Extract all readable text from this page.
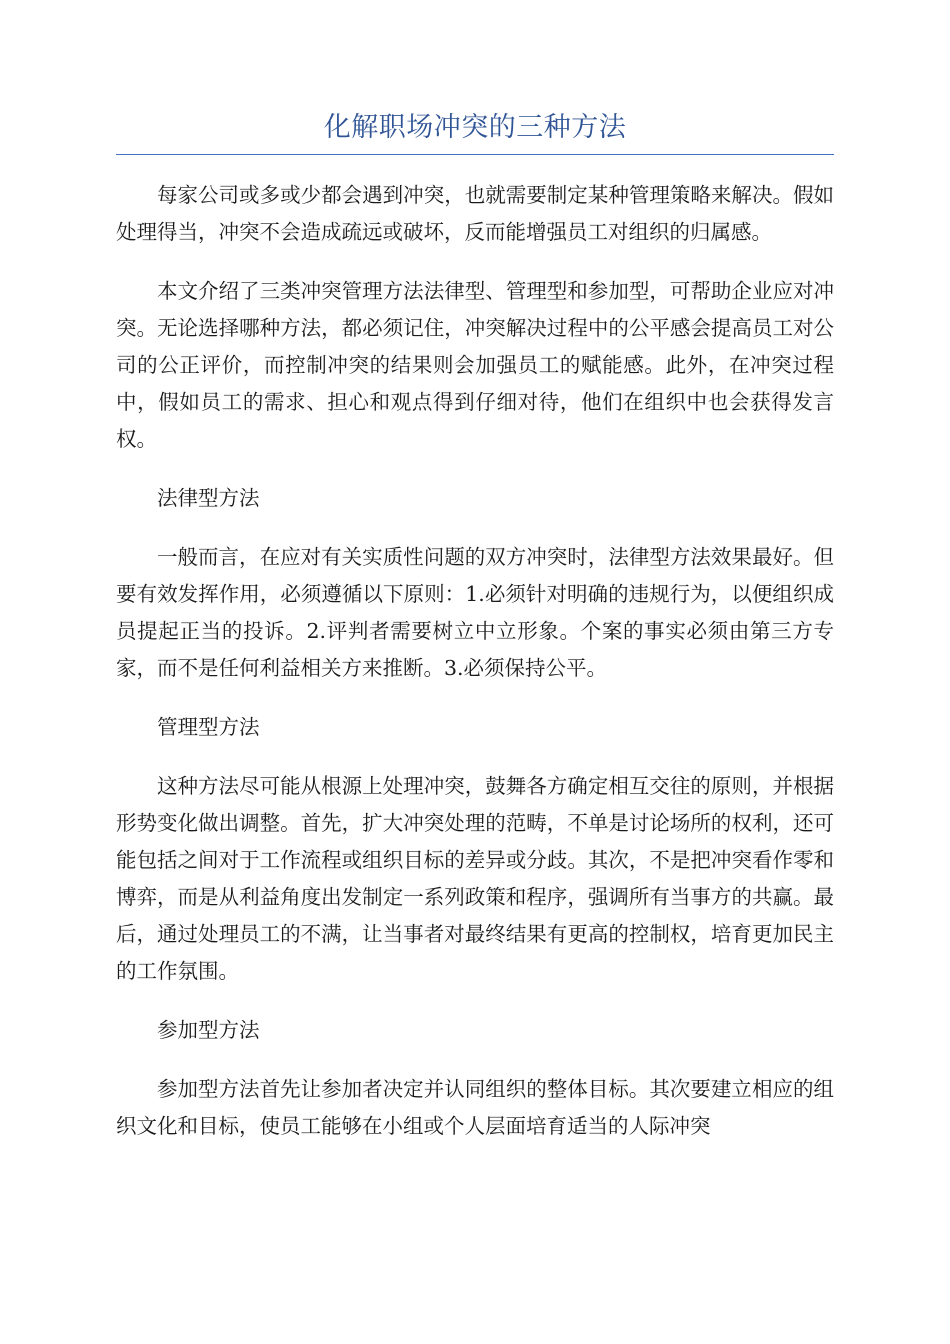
化解职场冲突的三种方法

每家公司或多或少都会遇到冲突，也就需要制定某种管理策略来解决。假如处理得当，冲突不会造成疏远或破坏，反而能增强员工对组织的归属感。

本文介绍了三类冲突管理方法法律型、管理型和参加型，可帮助企业应对冲突。无论选择哪种方法，都必须记住，冲突解决过程中的公平感会提高员工对公司的公正评价，而控制冲突的结果则会加强员工的赋能感。此外，在冲突过程中，假如员工的需求、担心和观点得到仔细对待，他们在组织中也会获得发言权。

法律型方法

一般而言，在应对有关实质性问题的双方冲突时，法律型方法效果最好。但要有效发挥作用，必须遵循以下原则：1.必须针对明确的违规行为，以便组织成员提起正当的投诉。2.评判者需要树立中立形象。个案的事实必须由第三方专家，而不是任何利益相关方来推断。3.必须保持公平。

管理型方法

这种方法尽可能从根源上处理冲突，鼓舞各方确定相互交往的原则，并根据形势变化做出调整。首先，扩大冲突处理的范畴，不单是讨论场所的权利，还可能包括之间对于工作流程或组织目标的差异或分歧。其次，不是把冲突看作零和博弈，而是从利益角度出发制定一系列政策和程序，强调所有当事方的共赢。最后，通过处理员工的不满，让当事者对最终结果有更高的控制权，培育更加民主的工作氛围。

参加型方法

参加型方法首先让参加者决定并认同组织的整体目标。其次要建立相应的组织文化和目标，使员工能够在小组或个人层面培育适当的人际冲突
